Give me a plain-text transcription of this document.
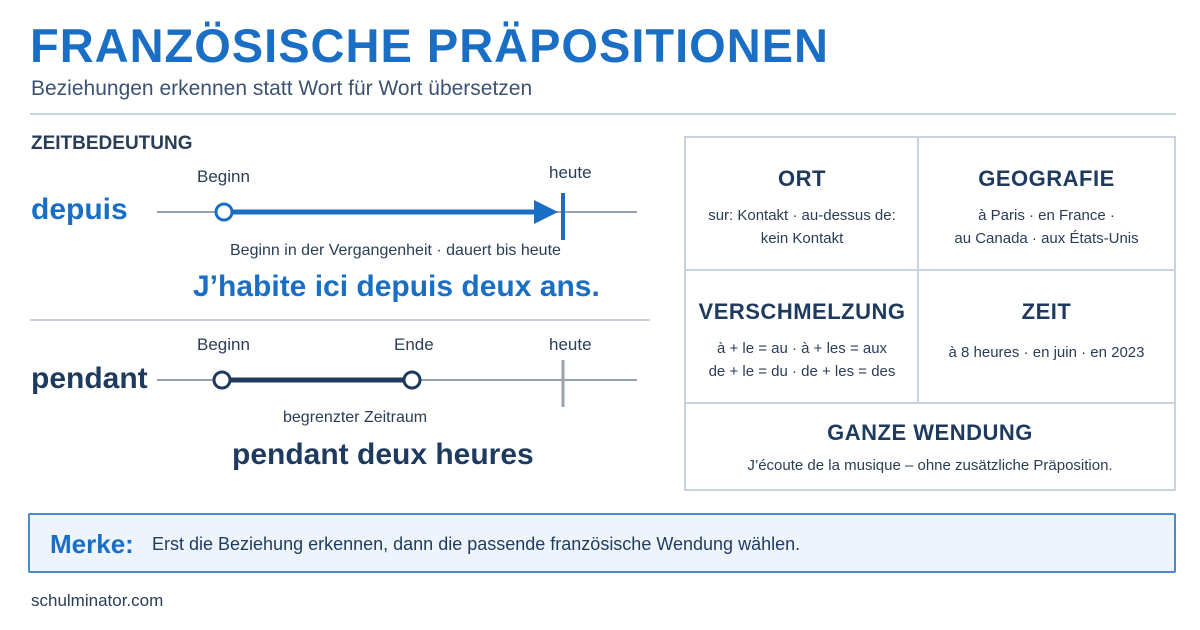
FRANZÖSISCHE PRÄPOSITIONEN
Beziehungen erkennen statt Wort für Wort übersetzen
ZEITBEDEUTUNG
depuis
Beginn	heute
Beginn in der Vergangenheit · dauert bis heute
J’habite ici depuis deux ans.
pendant
Beginn	Ende	heute
begrenzter Zeitraum
pendant deux heures
ORT
sur: Kontakt · au-dessus de:
kein Kontakt
GEOGRAFIE
à Paris · en France ·
au Canada · aux États-Unis
VERSCHMELZUNG
à + le = au · à + les = aux
de + le = du · de + les = des
ZEIT
à 8 heures · en juin · en 2023
GANZE WENDUNG
J’écoute de la musique – ohne zusätzliche Präposition.
Merke: Erst die Beziehung erkennen, dann die passende französische Wendung wählen.
schulminator.com
